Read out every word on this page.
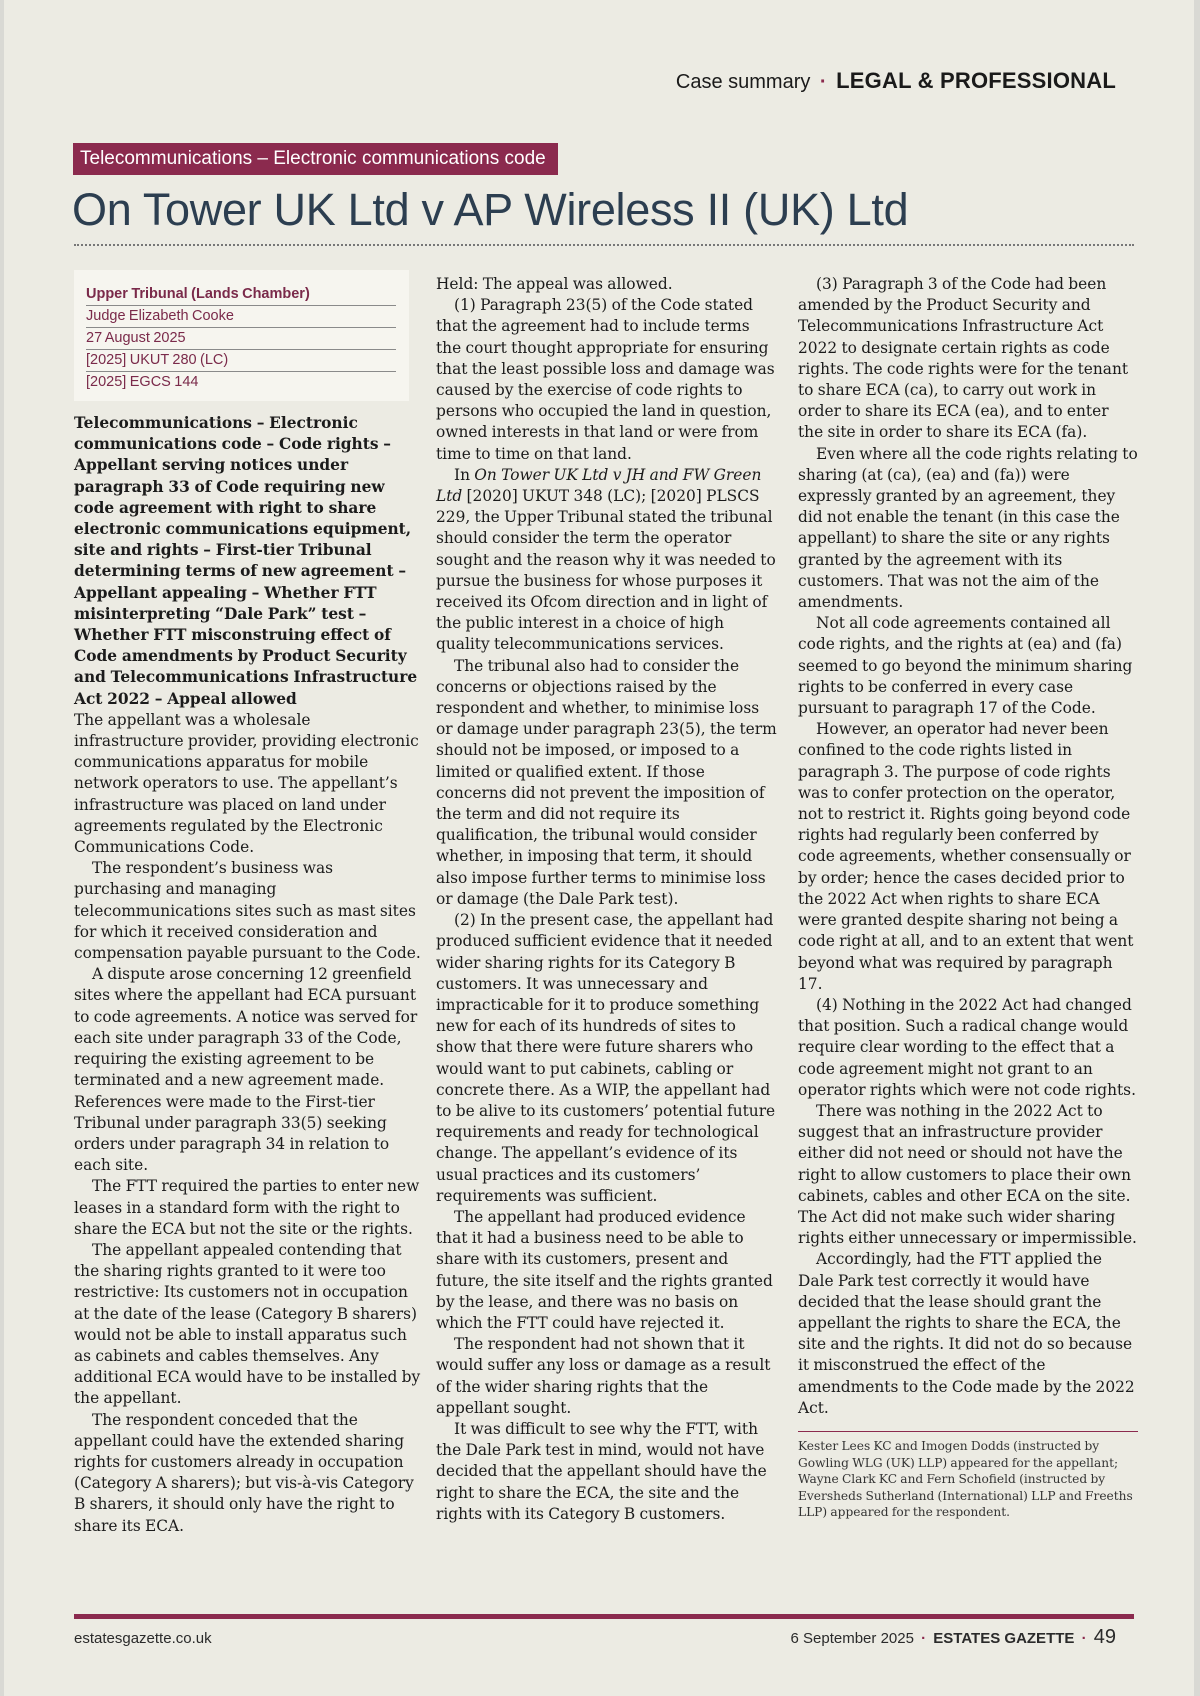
Case summary · LEGAL & PROFESSIONAL
Telecommunications – Electronic communications code
On Tower UK Ltd v AP Wireless II (UK) Ltd
Upper Tribunal (Lands Chamber)
Judge Elizabeth Cooke
27 August 2025
[2025] UKUT 280 (LC)
[2025] EGCS 144

Telecommunications – Electronic communications code – Code rights – Appellant serving notices under paragraph 33 of Code requiring new code agreement with right to share electronic communications equipment, site and rights – First-tier Tribunal determining terms of new agreement – Appellant appealing – Whether FTT misinterpreting “Dale Park” test – Whether FTT misconstruing effect of Code amendments by Product Security and Telecommunications Infrastructure Act 2022 – Appeal allowed

The appellant was a wholesale infrastructure provider, providing electronic communications apparatus for mobile network operators to use. The appellant’s infrastructure was placed on land under agreements regulated by the Electronic Communications Code.

The respondent’s business was purchasing and managing telecommunications sites such as mast sites for which it received consideration and compensation payable pursuant to the Code.

A dispute arose concerning 12 greenfield sites where the appellant had ECA pursuant to code agreements. A notice was served for each site under paragraph 33 of the Code, requiring the existing agreement to be terminated and a new agreement made. References were made to the First-tier Tribunal under paragraph 33(5) seeking orders under paragraph 34 in relation to each site.

The FTT required the parties to enter new leases in a standard form with the right to share the ECA but not the site or the rights.

The appellant appealed contending that the sharing rights granted to it were too restrictive: Its customers not in occupation at the date of the lease (Category B sharers) would not be able to install apparatus such as cabinets and cables themselves. Any additional ECA would have to be installed by the appellant.

The respondent conceded that the appellant could have the extended sharing rights for customers already in occupation (Category A sharers); but vis-à-vis Category B sharers, it should only have the right to share its ECA.

Held: The appeal was allowed.

(1) Paragraph 23(5) of the Code stated that the agreement had to include terms the court thought appropriate for ensuring that the least possible loss and damage was caused by the exercise of code rights to persons who occupied the land in question, owned interests in that land or were from time to time on that land.

In On Tower UK Ltd v JH and FW Green Ltd [2020] UKUT 348 (LC); [2020] PLSCS 229, the Upper Tribunal stated the tribunal should consider the term the operator sought and the reason why it was needed to pursue the business for whose purposes it received its Ofcom direction and in light of the public interest in a choice of high quality telecommunications services.

The tribunal also had to consider the concerns or objections raised by the respondent and whether, to minimise loss or damage under paragraph 23(5), the term should not be imposed, or imposed to a limited or qualified extent. If those concerns did not prevent the imposition of the term and did not require its qualification, the tribunal would consider whether, in imposing that term, it should also impose further terms to minimise loss or damage (the Dale Park test).

(2) In the present case, the appellant had produced sufficient evidence that it needed wider sharing rights for its Category B customers. It was unnecessary and impracticable for it to produce something new for each of its hundreds of sites to show that there were future sharers who would want to put cabinets, cabling or concrete there. As a WIP, the appellant had to be alive to its customers’ potential future requirements and ready for technological change. The appellant’s evidence of its usual practices and its customers’ requirements was sufficient.

The appellant had produced evidence that it had a business need to be able to share with its customers, present and future, the site itself and the rights granted by the lease, and there was no basis on which the FTT could have rejected it.

The respondent had not shown that it would suffer any loss or damage as a result of the wider sharing rights that the appellant sought.

It was difficult to see why the FTT, with the Dale Park test in mind, would not have decided that the appellant should have the right to share the ECA, the site and the rights with its Category B customers.

(3) Paragraph 3 of the Code had been amended by the Product Security and Telecommunications Infrastructure Act 2022 to designate certain rights as code rights. The code rights were for the tenant to share ECA (ca), to carry out work in order to share its ECA (ea), and to enter the site in order to share its ECA (fa).

Even where all the code rights relating to sharing (at (ca), (ea) and (fa)) were expressly granted by an agreement, they did not enable the tenant (in this case the appellant) to share the site or any rights granted by the agreement with its customers. That was not the aim of the amendments.

Not all code agreements contained all code rights, and the rights at (ea) and (fa) seemed to go beyond the minimum sharing rights to be conferred in every case pursuant to paragraph 17 of the Code.

However, an operator had never been confined to the code rights listed in paragraph 3. The purpose of code rights was to confer protection on the operator, not to restrict it. Rights going beyond code rights had regularly been conferred by code agreements, whether consensually or by order; hence the cases decided prior to the 2022 Act when rights to share ECA were granted despite sharing not being a code right at all, and to an extent that went beyond what was required by paragraph 17.

(4) Nothing in the 2022 Act had changed that position. Such a radical change would require clear wording to the effect that a code agreement might not grant to an operator rights which were not code rights.

There was nothing in the 2022 Act to suggest that an infrastructure provider either did not need or should not have the right to allow customers to place their own cabinets, cables and other ECA on the site. The Act did not make such wider sharing rights either unnecessary or impermissible.

Accordingly, had the FTT applied the Dale Park test correctly it would have decided that the lease should grant the appellant the rights to share the ECA, the site and the rights. It did not do so because it misconstrued the effect of the amendments to the Code made by the 2022 Act.

Kester Lees KC and Imogen Dodds (instructed by Gowling WLG (UK) LLP) appeared for the appellant; Wayne Clark KC and Fern Schofield (instructed by Eversheds Sutherland (International) LLP and Freeths LLP) appeared for the respondent.
estatesgazette.co.uk	6 September 2025 · ESTATES GAZETTE · 49
